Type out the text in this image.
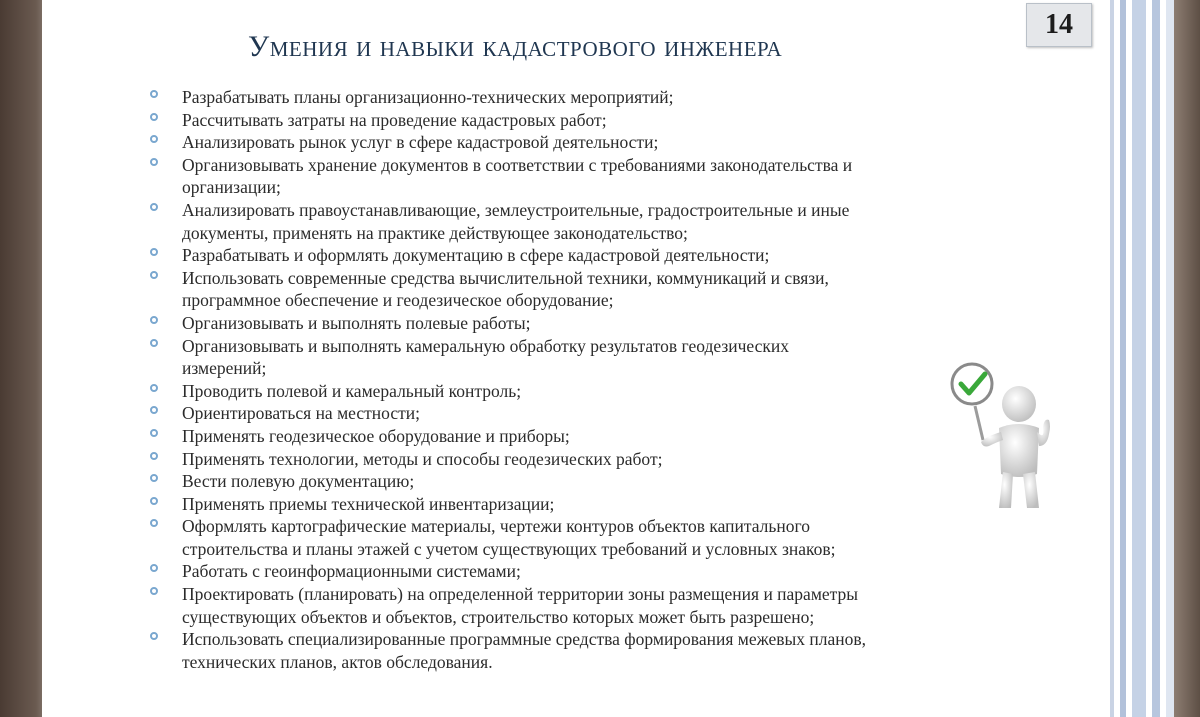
14
Умения и навыки кадастрового инженера
Разрабатывать планы организационно-технических мероприятий;
Рассчитывать затраты на проведение кадастровых работ;
Анализировать рынок услуг в сфере кадастровой деятельности;
Организовывать хранение документов в соответствии с требованиями законодательства и
организации;
Анализировать правоустанавливающие, землеустроительные, градостроительные и иные
документы, применять на практике действующее законодательство;
Разрабатывать и оформлять документацию в сфере кадастровой деятельности;
Использовать современные средства вычислительной техники, коммуникаций и связи,
программное обеспечение и геодезическое оборудование;
Организовывать и выполнять полевые работы;
Организовывать и выполнять камеральную обработку результатов геодезических
измерений;
Проводить полевой и камеральный контроль;
Ориентироваться на местности;
Применять геодезическое оборудование и приборы;
Применять технологии, методы и способы геодезических работ;
Вести полевую документацию;
Применять приемы технической инвентаризации;
Оформлять картографические материалы, чертежи контуров объектов капитального
строительства и планы этажей с учетом существующих требований и условных знаков;
Работать с геоинформационными системами;
Проектировать (планировать) на определенной территории зоны размещения и параметры
существующих объектов и объектов, строительство которых может быть разрешено;
Использовать специализированные программные средства формирования межевых планов,
технических планов, актов обследования.
